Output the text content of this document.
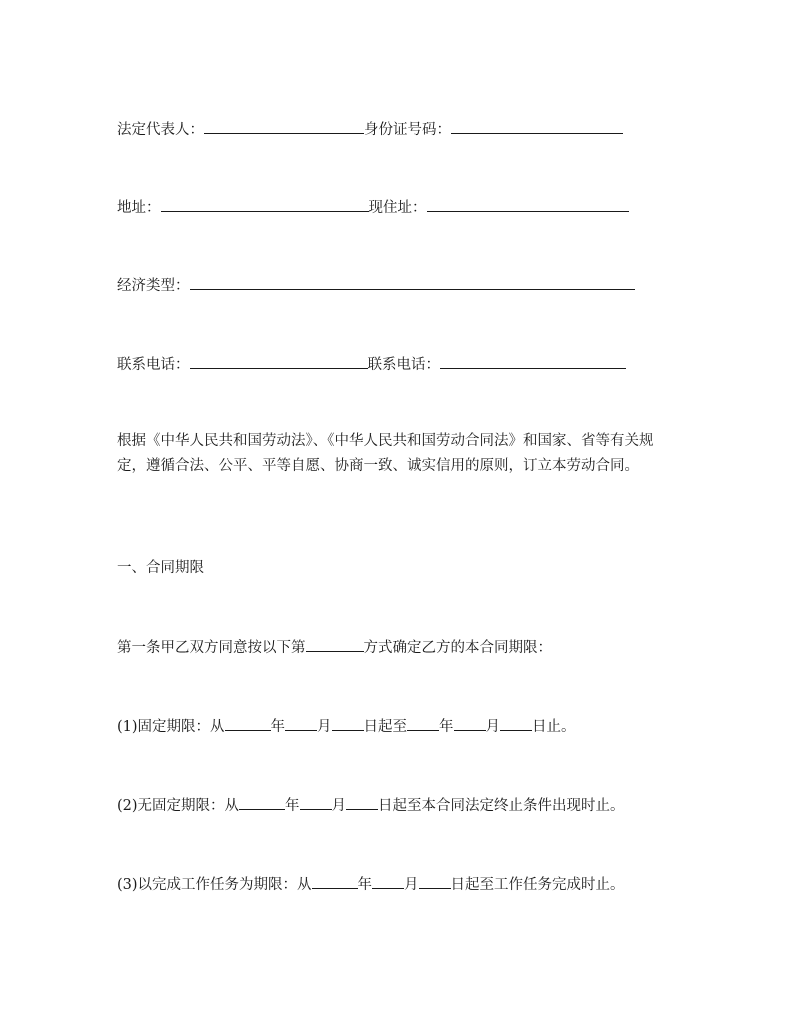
法定代表人：	身份证号码：
地址：	现住址：
经济类型：
联系电话：	联系电话：
根据《中华人民共和国劳动法》、《中华人民共和国劳动合同法》和国家、省等有关规定，遵循合法、公平、平等自愿、协商一致、诚实信用的原则，订立本劳动合同。
一、合同期限
第一条甲乙双方同意按以下第	方式确定乙方的本合同期限：
(1)固定期限：从	年 月 日起至 年 月 日止。
(2)无固定期限：从	年 月 日起至本合同法定终止条件出现时止。
(3)以完成工作任务为期限：从	年 月 日起至工作任务完成时止。
